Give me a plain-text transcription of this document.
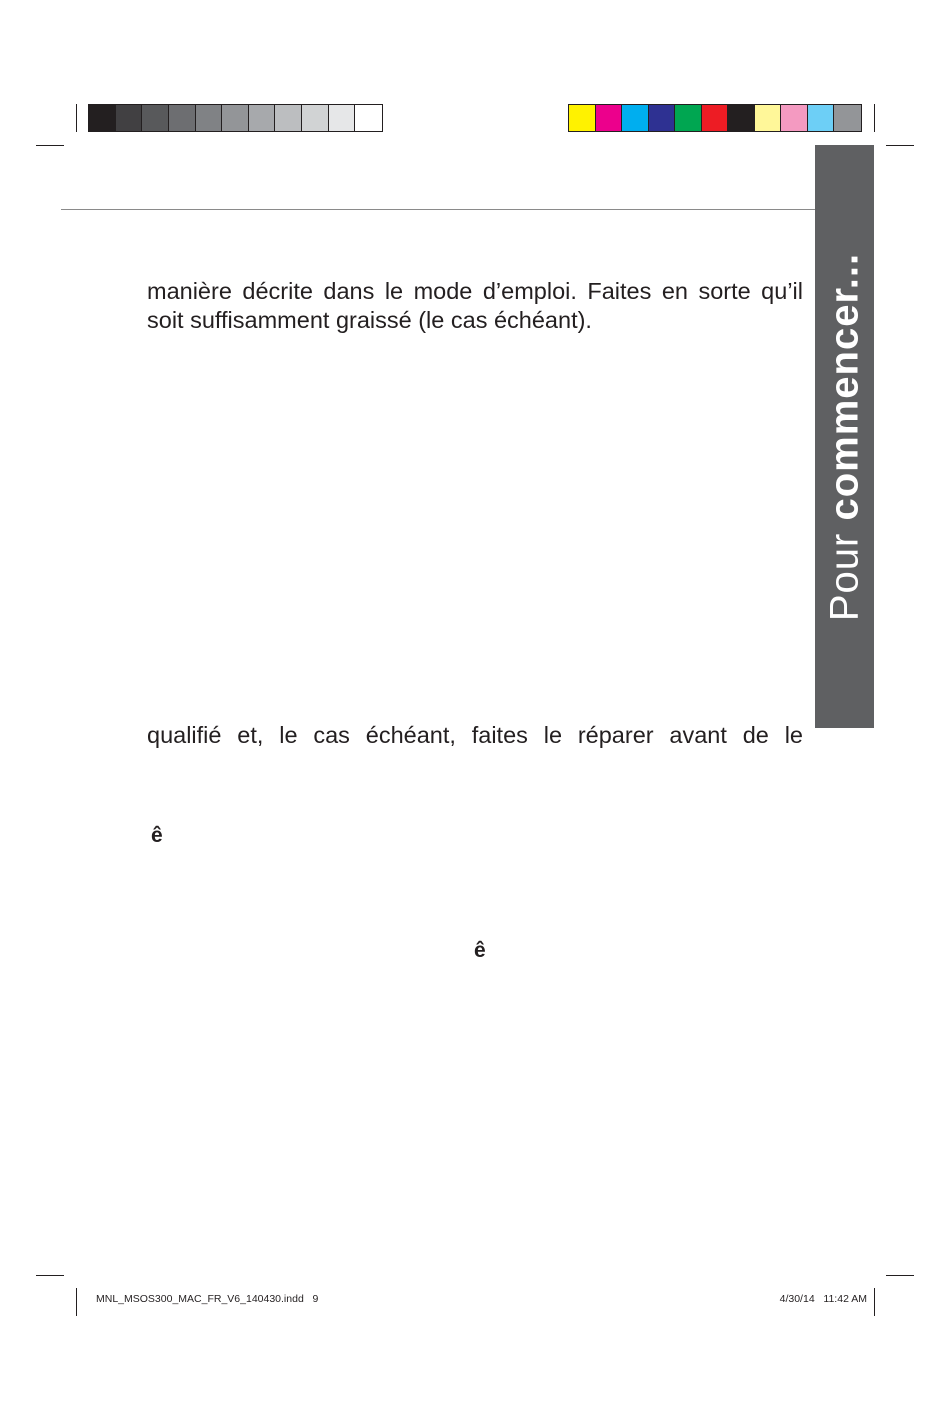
Pour commencer...
manière décrite dans le mode d’emploi. Faites en sorte qu’il soit suffisamment graissé (le cas échéant).
qualifié et, le cas échéant, faites le réparer avant de le
ê
ê
MNL_MSOS300_MAC_FR_V6_140430.indd   9	4/30/14   11:42 AM
